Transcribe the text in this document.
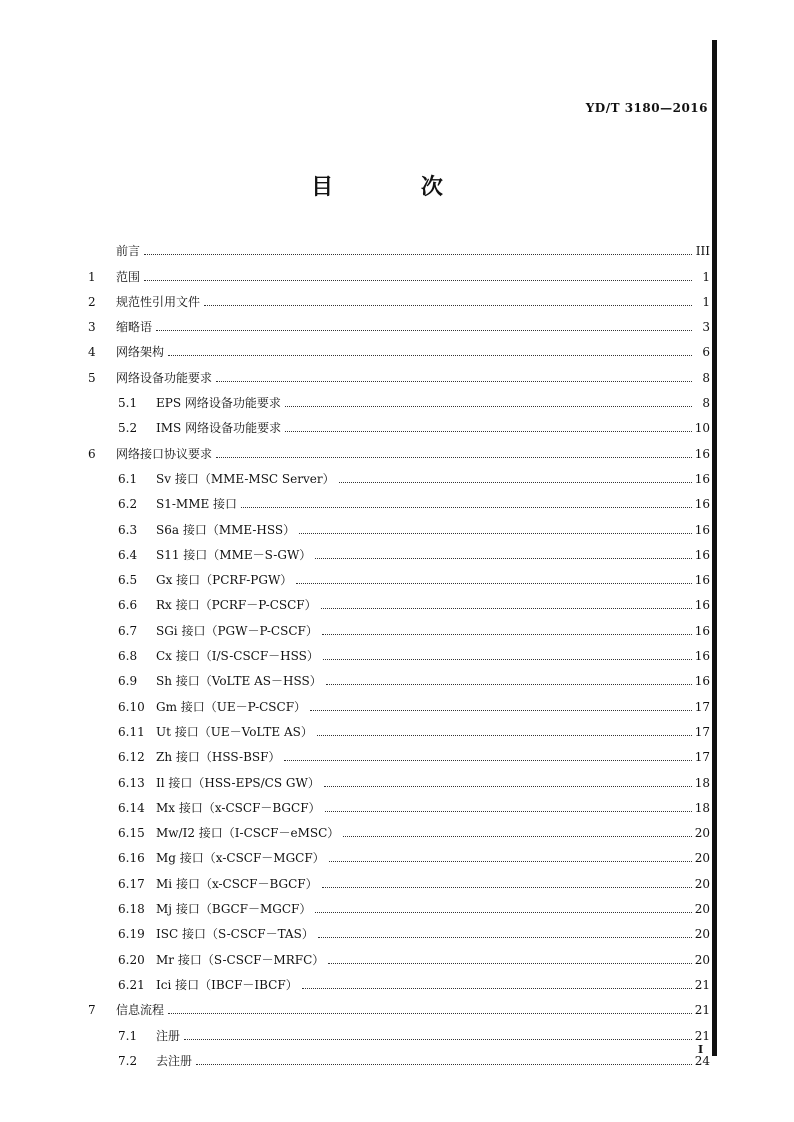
YD/T 3180—2016
目 次
前言	III
1	范围	1
2	规范性引用文件	1
3	缩略语	3
4	网络架构	6
5	网络设备功能要求	8
5.1	EPS 网络设备功能要求	8
5.2	IMS 网络设备功能要求	10
6	网络接口协议要求	16
6.1	Sv 接口（MME-MSC Server）	16
6.2	S1-MME 接口	16
6.3	S6a 接口（MME-HSS）	16
6.4	S11 接口（MME－S-GW）	16
6.5	Gx 接口（PCRF-PGW）	16
6.6	Rx 接口（PCRF－P-CSCF）	16
6.7	SGi 接口（PGW－P-CSCF）	16
6.8	Cx 接口（I/S-CSCF－HSS）	16
6.9	Sh 接口（VoLTE AS－HSS）	16
6.10 Gm 接口（UE－P-CSCF）	17
6.11 Ut 接口（UE－VoLTE AS）	17
6.12 Zh 接口（HSS-BSF）	17
6.13 Il 接口（HSS-EPS/CS GW）	18
6.14 Mx 接口（x-CSCF－BGCF）	18
6.15 Mw/I2 接口（I-CSCF－eMSC）	20
6.16 Mg 接口（x-CSCF－MGCF）	20
6.17 Mi 接口（x-CSCF－BGCF）	20
6.18 Mj 接口（BGCF－MGCF）	20
6.19 ISC 接口（S-CSCF－TAS）	20
6.20 Mr 接口（S-CSCF－MRFC）	20
6.21 Ici 接口（IBCF－IBCF）	21
7	信息流程	21
7.1	注册	21
7.2	去注册	24
I
